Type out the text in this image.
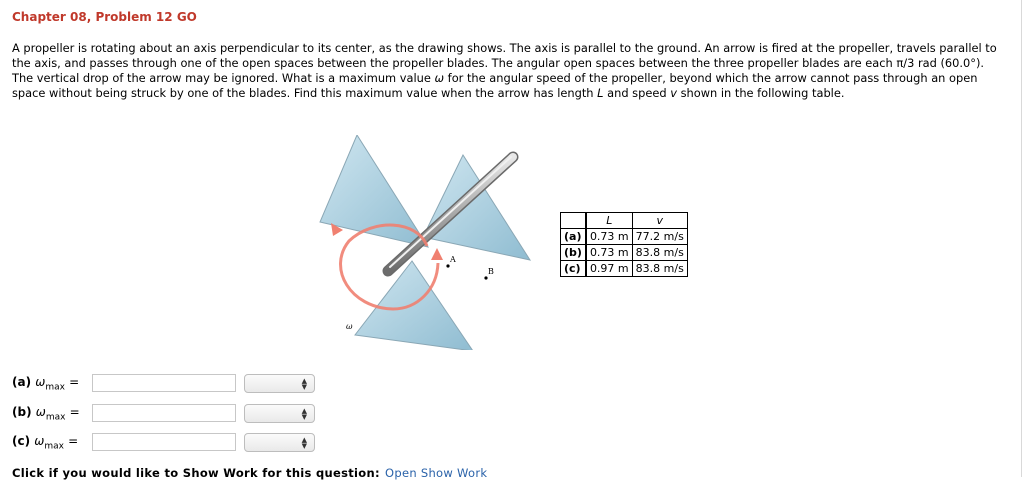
Chapter 08, Problem 12 GO
A propeller is rotating about an axis perpendicular to its center, as the drawing shows. The axis is parallel to the ground. An arrow is fired at the propeller, travels parallel to the axis, and passes through one of the open spaces between the propeller blades. The angular open spaces between the three propeller blades are each π/3 rad (60.0°). The vertical drop of the arrow may be ignored. What is a maximum value ω for the angular speed of the propeller, beyond which the arrow cannot pass through an open space without being struck by one of the blades. Find this maximum value when the arrow has length L and speed v shown in the following table.
A
B
ω
	L	v
(a)	0.73 m	77.2 m/s
(b)	0.73 m	83.8 m/s
(c)	0.97 m	83.8 m/s
(a) $\omega_{max}$ =	▲
▼
(b) $\omega_{max}$ =	▲
▼
(c) $\omega_{max}$ =	▲
▼
Click if you would like to Show Work for this question: Open Show Work
